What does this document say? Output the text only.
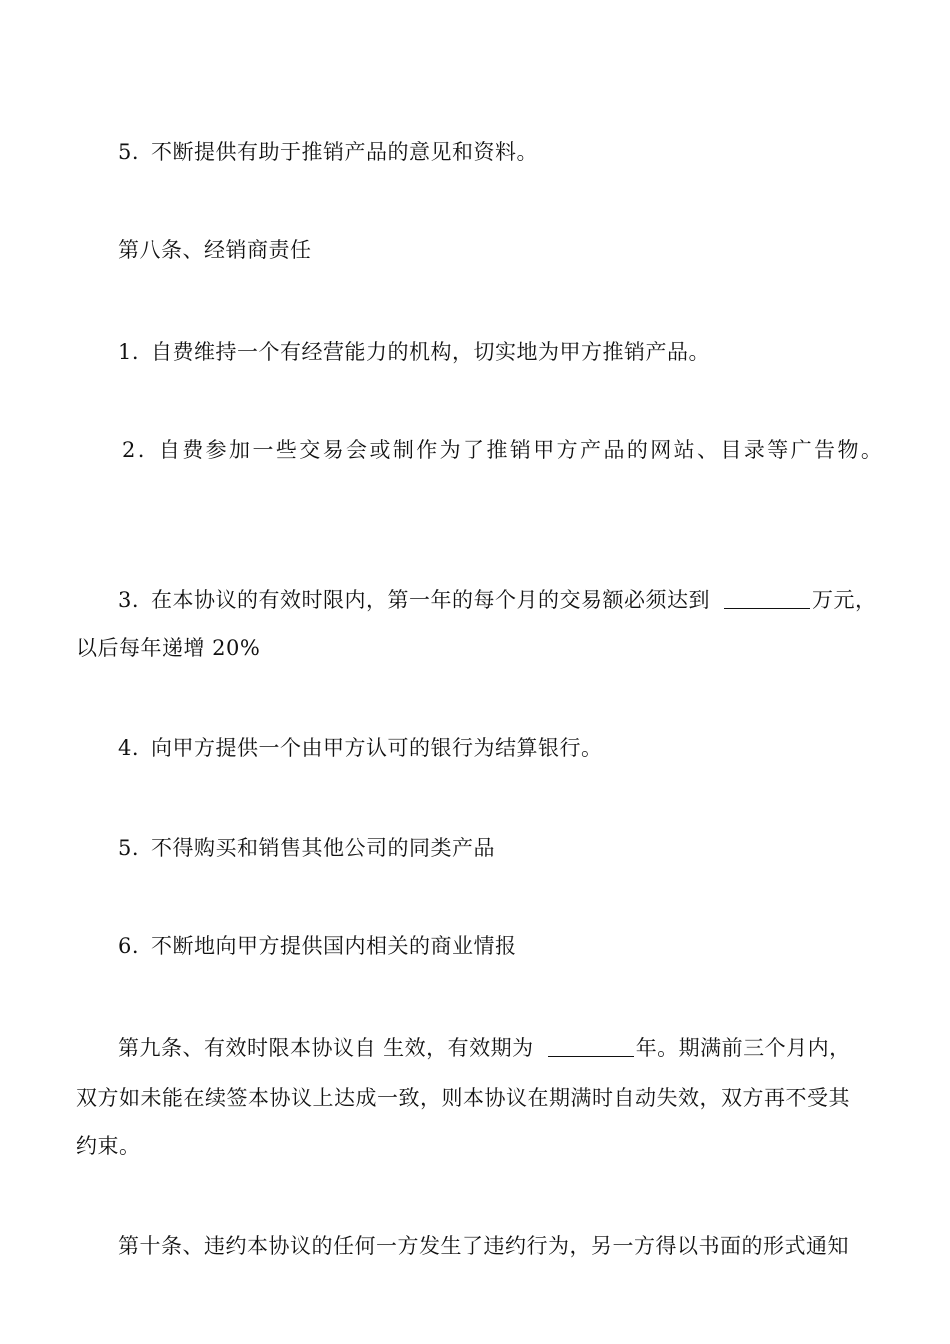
5. 不断提供有助于推销产品的意见和资料。
第八条、经销商责任
1. 自费维持一个有经营能力的机构，切实地为甲方推销产品。
2. 自费参加一些交易会或制作为了推销甲方产品的网站、目录等广告物。
3. 在本协议的有效时限内，第一年的每个月的交易额必须达到	万元，
以后每年递增 20%
4. 向甲方提供一个由甲方认可的银行为结算银行。
5. 不得购买和销售其他公司的同类产品
6. 不断地向甲方提供国内相关的商业情报
第九条、有效时限本协议自 生效，有效期为	年。期满前三个月内，
双方如未能在续签本协议上达成一致，则本协议在期满时自动失效，双方再不受其
约束。
第十条、违约本协议的任何一方发生了违约行为，另一方得以书面的形式通知
